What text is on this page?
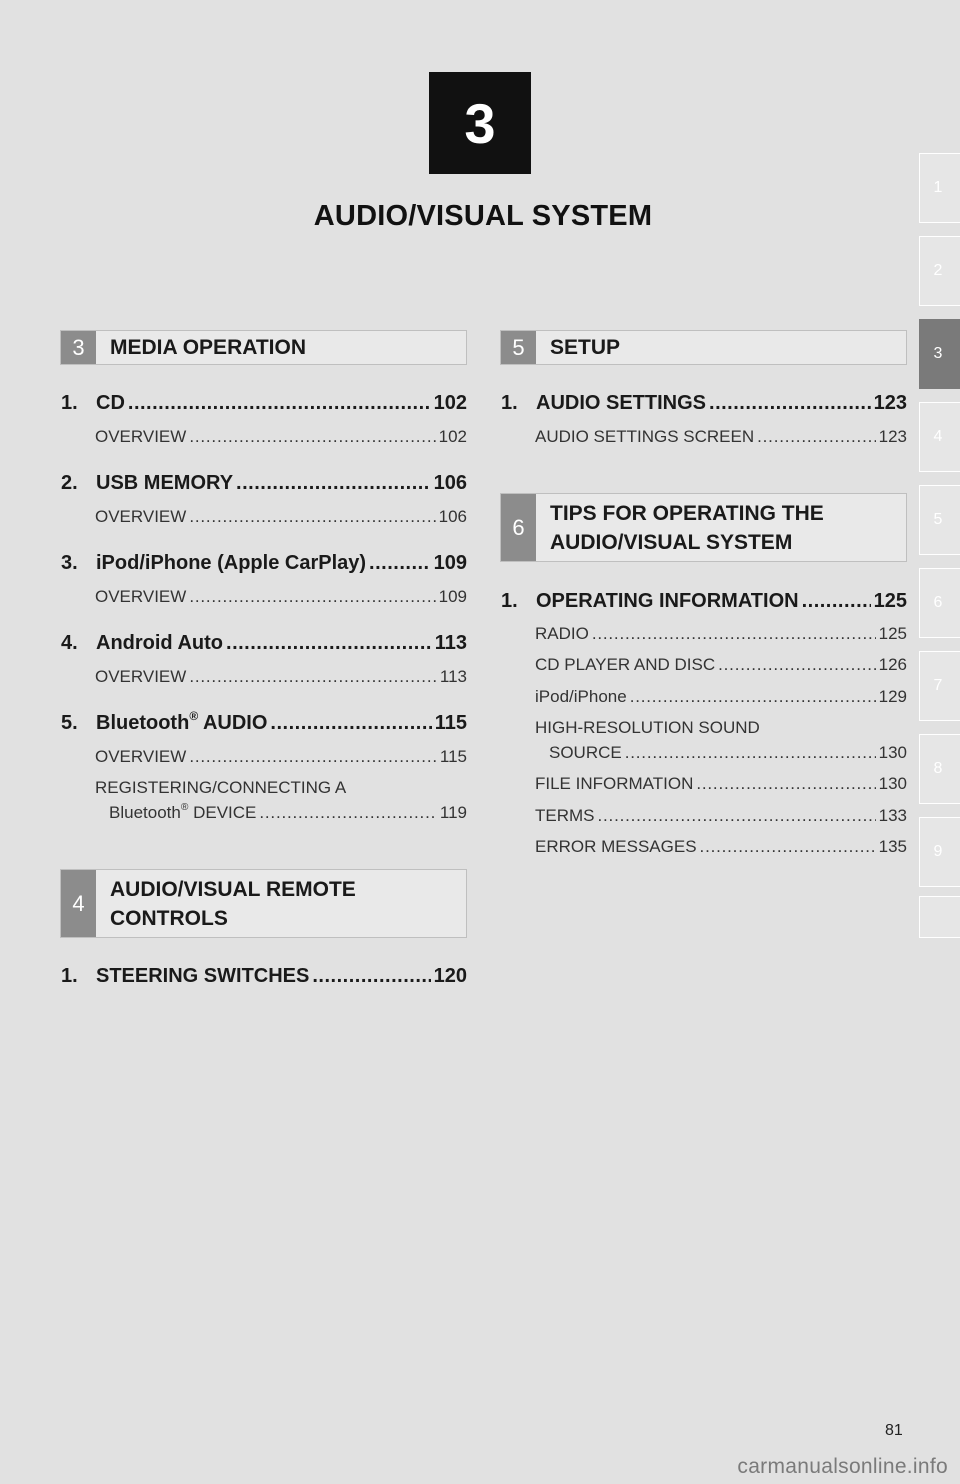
3
AUDIO/VISUAL SYSTEM
1
2
3
4
5
6
7
8
9
3	MEDIA OPERATION
1. CD .....	102
OVERVIEW .....	102
2. USB MEMORY .....	106
OVERVIEW .....	106
3. iPod/iPhone (Apple CarPlay) .....	109
OVERVIEW .....	109
4. Android Auto .....	113
OVERVIEW .....	113
5. Bluetooth® AUDIO .....	115
OVERVIEW .....	115
REGISTERING/CONNECTING A
Bluetooth® DEVICE .....	119
4
AUDIO/VISUAL REMOTE
CONTROLS
1. STEERING SWITCHES .....	120
5	SETUP
1. AUDIO SETTINGS .....	123
AUDIO SETTINGS SCREEN .....	123
6
TIPS FOR OPERATING THE
AUDIO/VISUAL SYSTEM
1. OPERATING INFORMATION .....	125
RADIO .....	125
CD PLAYER AND DISC .....	126
iPod/iPhone .....	129
HIGH-RESOLUTION SOUND
SOURCE .....	130
FILE INFORMATION .....	130
TERMS .....	133
ERROR MESSAGES .....	135
81
carmanualsonline.info
